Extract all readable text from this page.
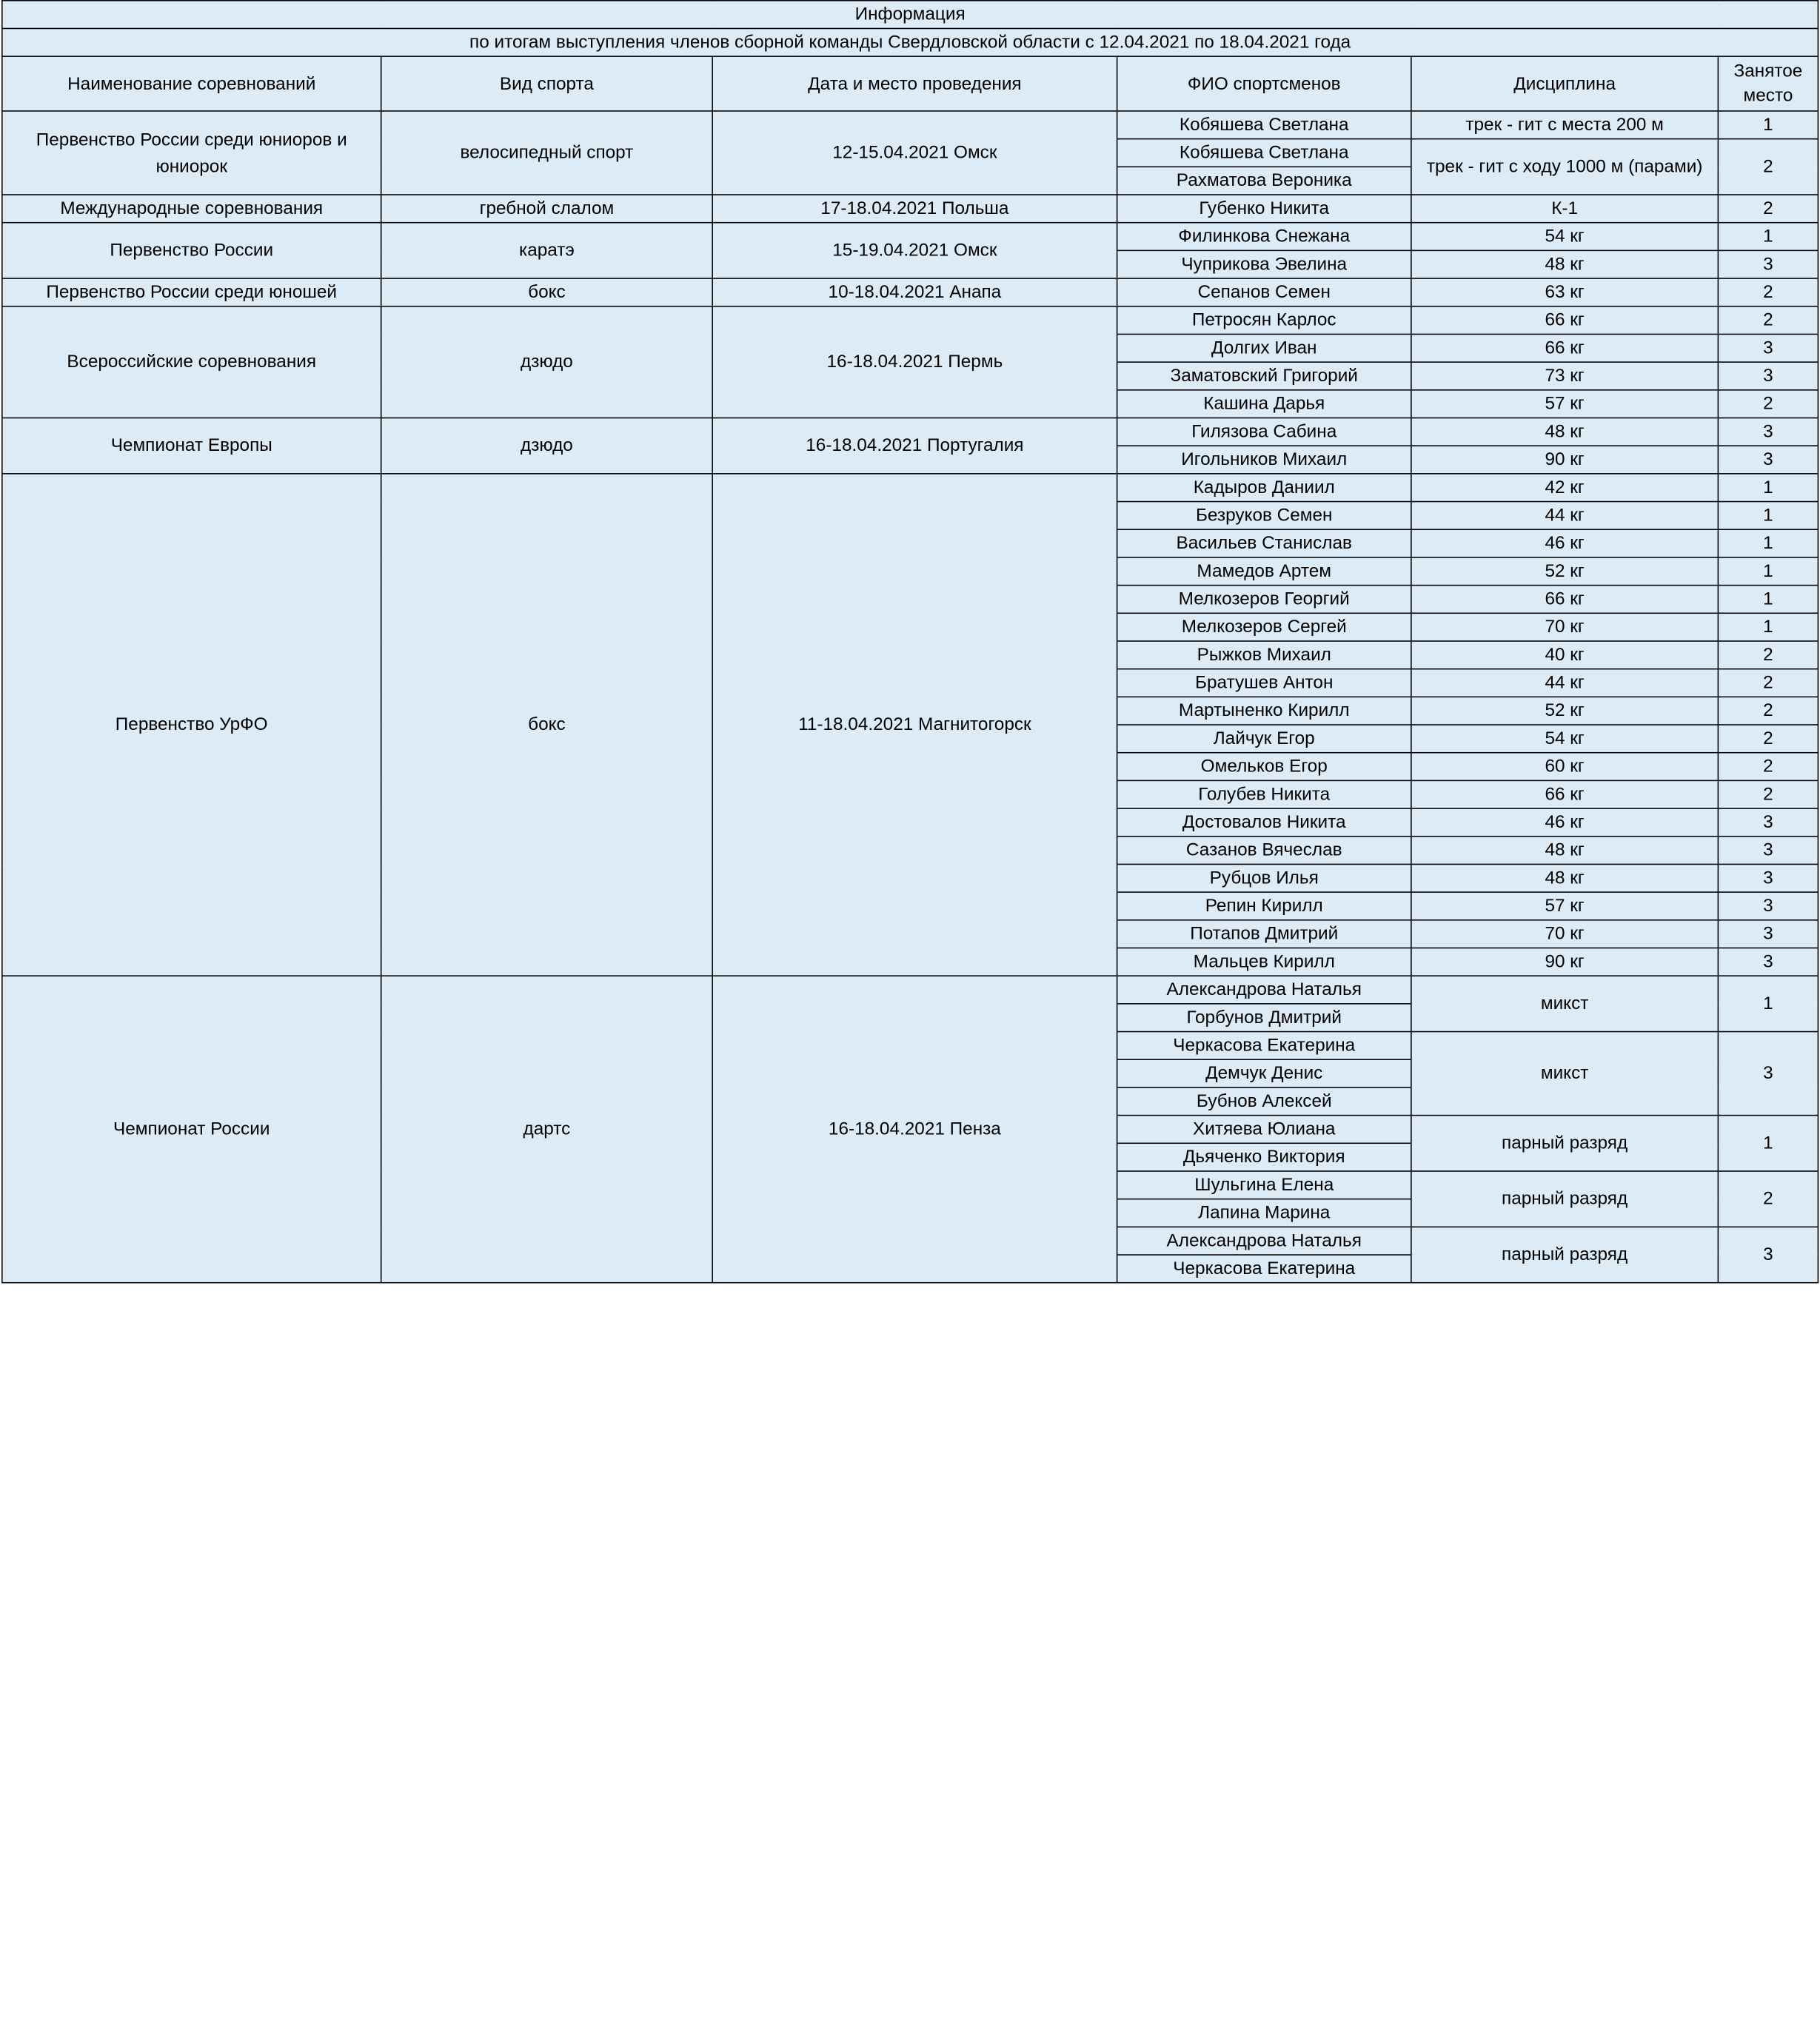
Информация					
по итогам выступления членов сборной команды Свердловской области с 12.04.2021 по 18.04.2021 года					
Наименование соревнований	Вид спорта	Дата и место проведения	ФИО спортсменов	Дисциплина	Занятое место
Первенство России среди юниоров и юниорок	велосипедный спорт	12-15.04.2021 Омск	Кобяшева Светлана	трек - гит с места 200 м	1
			Кобяшева Светлана	трек - гит с ходу 1000 м (парами)	2
			Рахматова Вероника		
Международные соревнования	гребной слалом	17-18.04.2021 Польша	Губенко Никита	К-1	2
Первенство России	каратэ	15-19.04.2021 Омск	Филинкова Снежана	54 кг	1
			Чуприкова Эвелина	48 кг	3
Первенство России среди юношей	бокс	10-18.04.2021 Анапа	Сепанов Семен	63 кг	2
Всероссийские соревнования	дзюдо	16-18.04.2021 Пермь	Петросян Карлос	66 кг	2
			Долгих Иван	66 кг	3
			Заматовский Григорий	73 кг	3
			Кашина Дарья	57 кг	2
Чемпионат Европы	дзюдо	16-18.04.2021 Португалия	Гилязова Сабина	48 кг	3
			Игольников Михаил	90 кг	3
Первенство УрФО	бокс	11-18.04.2021 Магнитогорск	Кадыров Даниил	42 кг	1
			Безруков Семен	44 кг	1
			Васильев Станислав	46 кг	1
			Мамедов Артем	52 кг	1
			Мелкозеров Георгий	66 кг	1
			Мелкозеров Сергей	70 кг	1
			Рыжков Михаил	40 кг	2
			Братушев Антон	44 кг	2
			Мартыненко Кирилл	52 кг	2
			Лайчук Егор	54 кг	2
			Омельков Егор	60 кг	2
			Голубев Никита	66 кг	2
			Достовалов Никита	46 кг	3
			Сазанов Вячеслав	48 кг	3
			Рубцов Илья	48 кг	3
			Репин Кирилл	57 кг	3
			Потапов Дмитрий	70 кг	3
			Мальцев Кирилл	90 кг	3
Чемпионат России	дартс	16-18.04.2021 Пенза	Александрова Наталья	микст	1
			Горбунов Дмитрий		
			Черкасова Екатерина	микст	3
			Демчук Денис		
			Бубнов Алексей		
			Хитяева Юлиана	парный разряд	1
			Дьяченко Виктория		
			Шульгина Елена	парный разряд	2
			Лапина Марина		
			Александрова Наталья	парный разряд	3
			Черкасова Екатерина		
